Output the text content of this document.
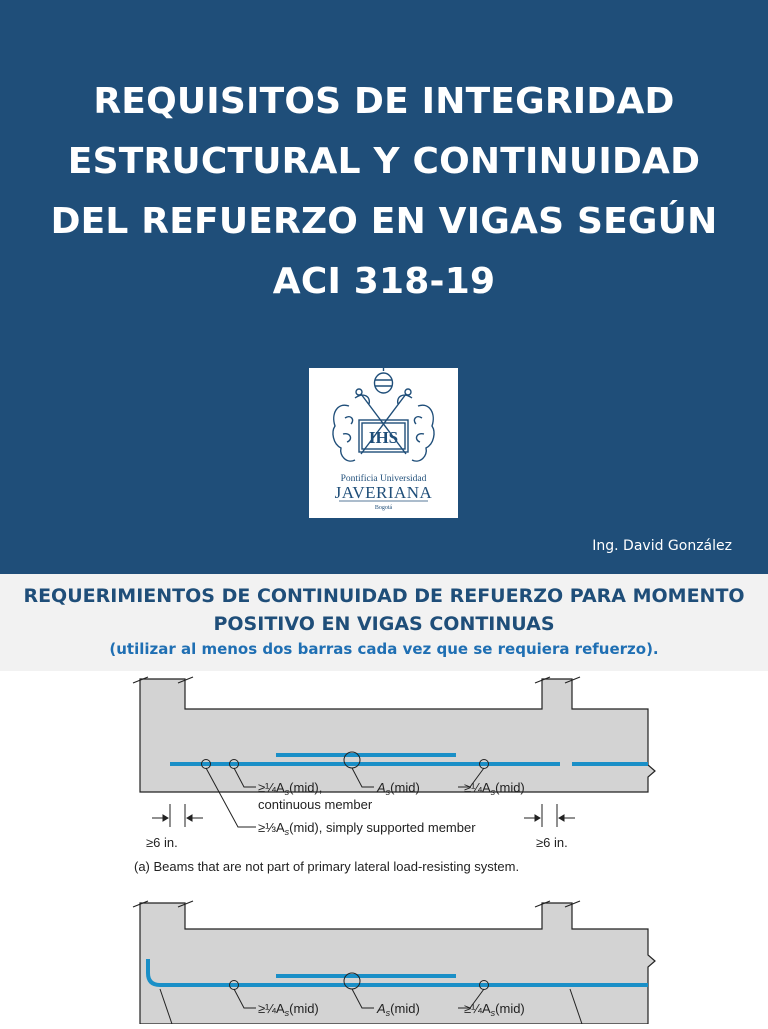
REQUISITOS DE INTEGRIDAD
ESTRUCTURAL Y CONTINUIDAD
DEL REFUERZO EN VIGAS SEGÚN
ACI 318-19
IHS
Pontificia Universidad
JAVERIANA
Bogotá
Ing. David González
REQUERIMIENTOS DE CONTINUIDAD DE REFUERZO PARA MOMENTO POSITIVO EN VIGAS CONTINUAS
(utilizar al menos dos barras cada vez que se requiera refuerzo).
$\ge\frac{1}{4}A_s(mid)$,
continuous member
$A_s(mid)$	$\ge\frac{1}{4}A_s(mid)$
$\ge\frac{1}{3}A_s(mid)$, simply supported member
≥6 in.	≥6 in.
(a) Beams that are not part of primary lateral load-resisting system.
$\ge\frac{1}{4}A_s(mid)$	$A_s(mid)$	$\ge\frac{1}{4}A_s(mid)$
